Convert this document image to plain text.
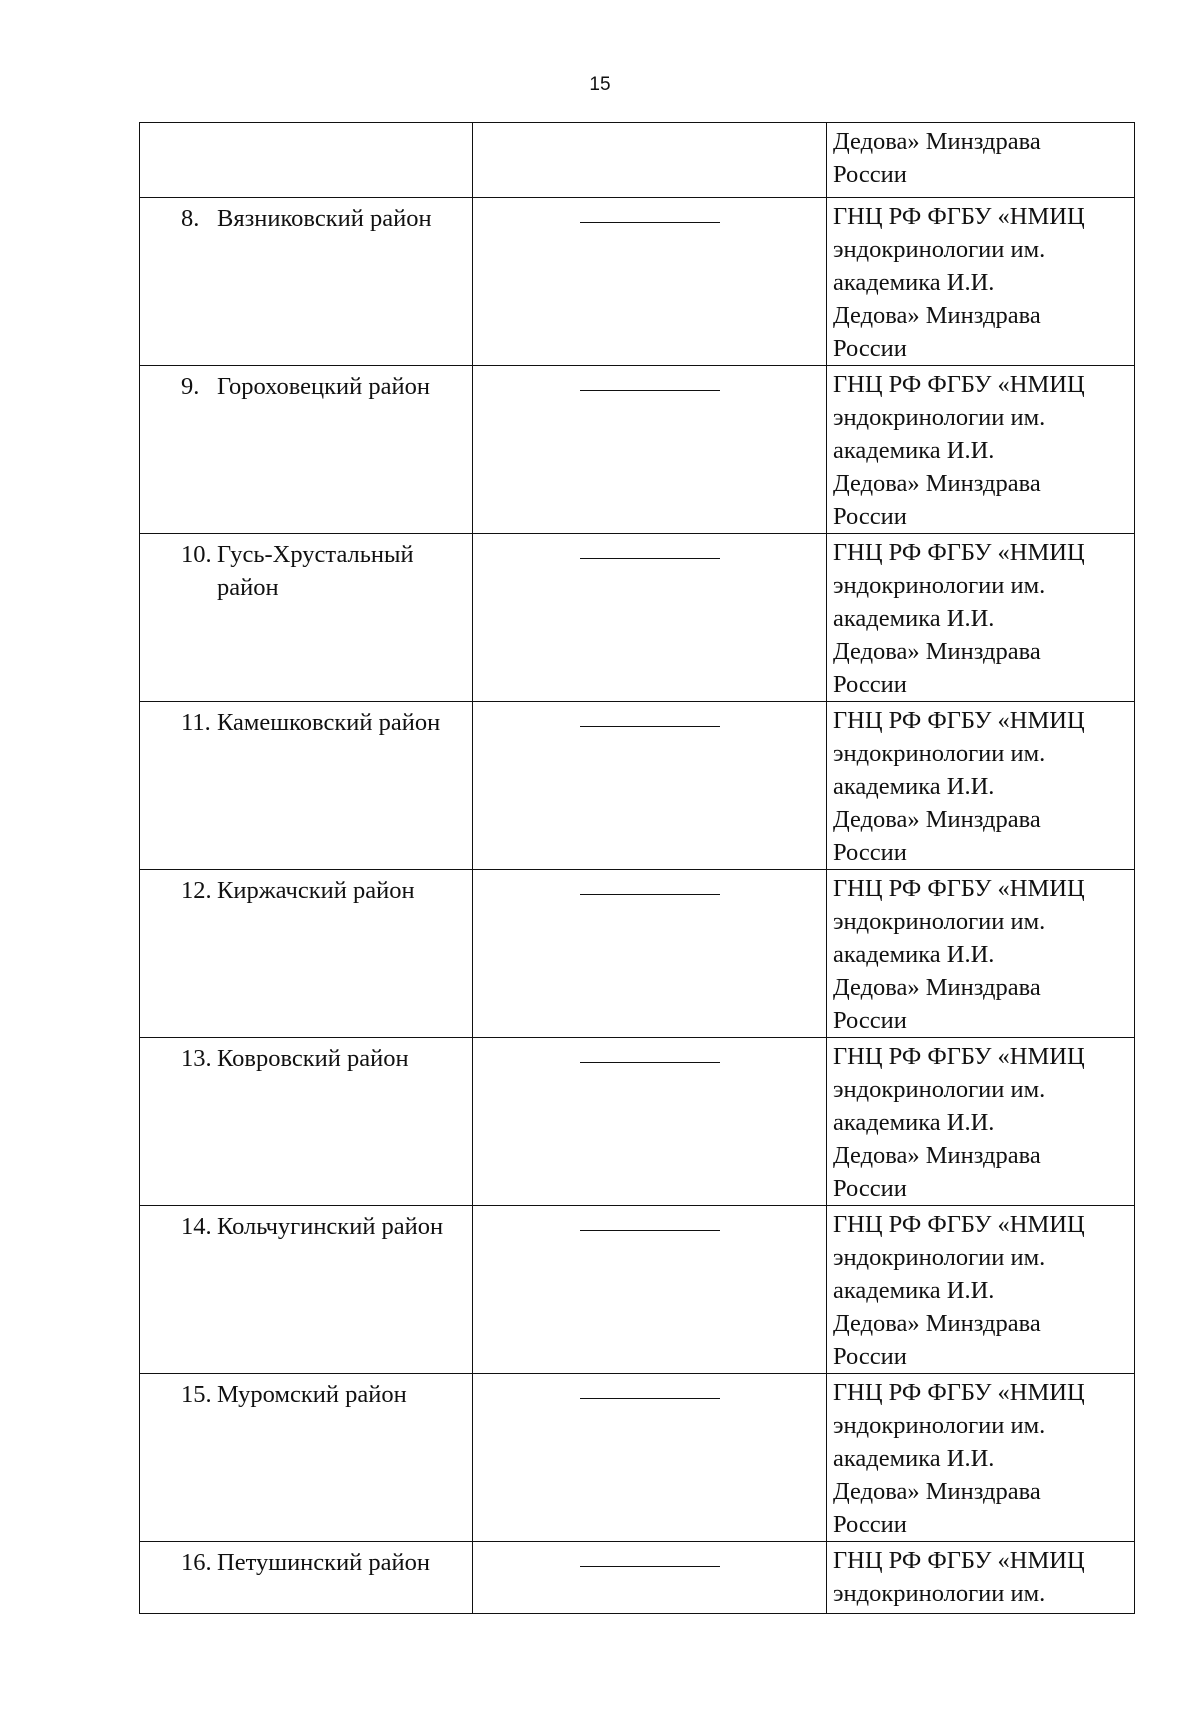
15
		Дедова» Минздрава
России

8. Вязниковский район		ГНЦ РФ ФГБУ «НМИЦ
эндокринологии им.
академика И.И.
Дедова» Минздрава
России

9. Гороховецкий район		ГНЦ РФ ФГБУ «НМИЦ
эндокринологии им.
академика И.И.
Дедова» Минздрава
России

10. Гусь-Хрустальный район		ГНЦ РФ ФГБУ «НМИЦ
эндокринологии им.
академика И.И.
Дедова» Минздрава
России

11. Камешковский район		ГНЦ РФ ФГБУ «НМИЦ
эндокринологии им.
академика И.И.
Дедова» Минздрава
России

12. Киржачский район		ГНЦ РФ ФГБУ «НМИЦ
эндокринологии им.
академика И.И.
Дедова» Минздрава
России

13. Ковровский район		ГНЦ РФ ФГБУ «НМИЦ
эндокринологии им.
академика И.И.
Дедова» Минздрава
России

14. Кольчугинский район		ГНЦ РФ ФГБУ «НМИЦ
эндокринологии им.
академика И.И.
Дедова» Минздрава
России

15. Муромский район		ГНЦ РФ ФГБУ «НМИЦ
эндокринологии им.
академика И.И.
Дедова» Минздрава
России

16. Петушинский район		ГНЦ РФ ФГБУ «НМИЦ
эндокринологии им.
